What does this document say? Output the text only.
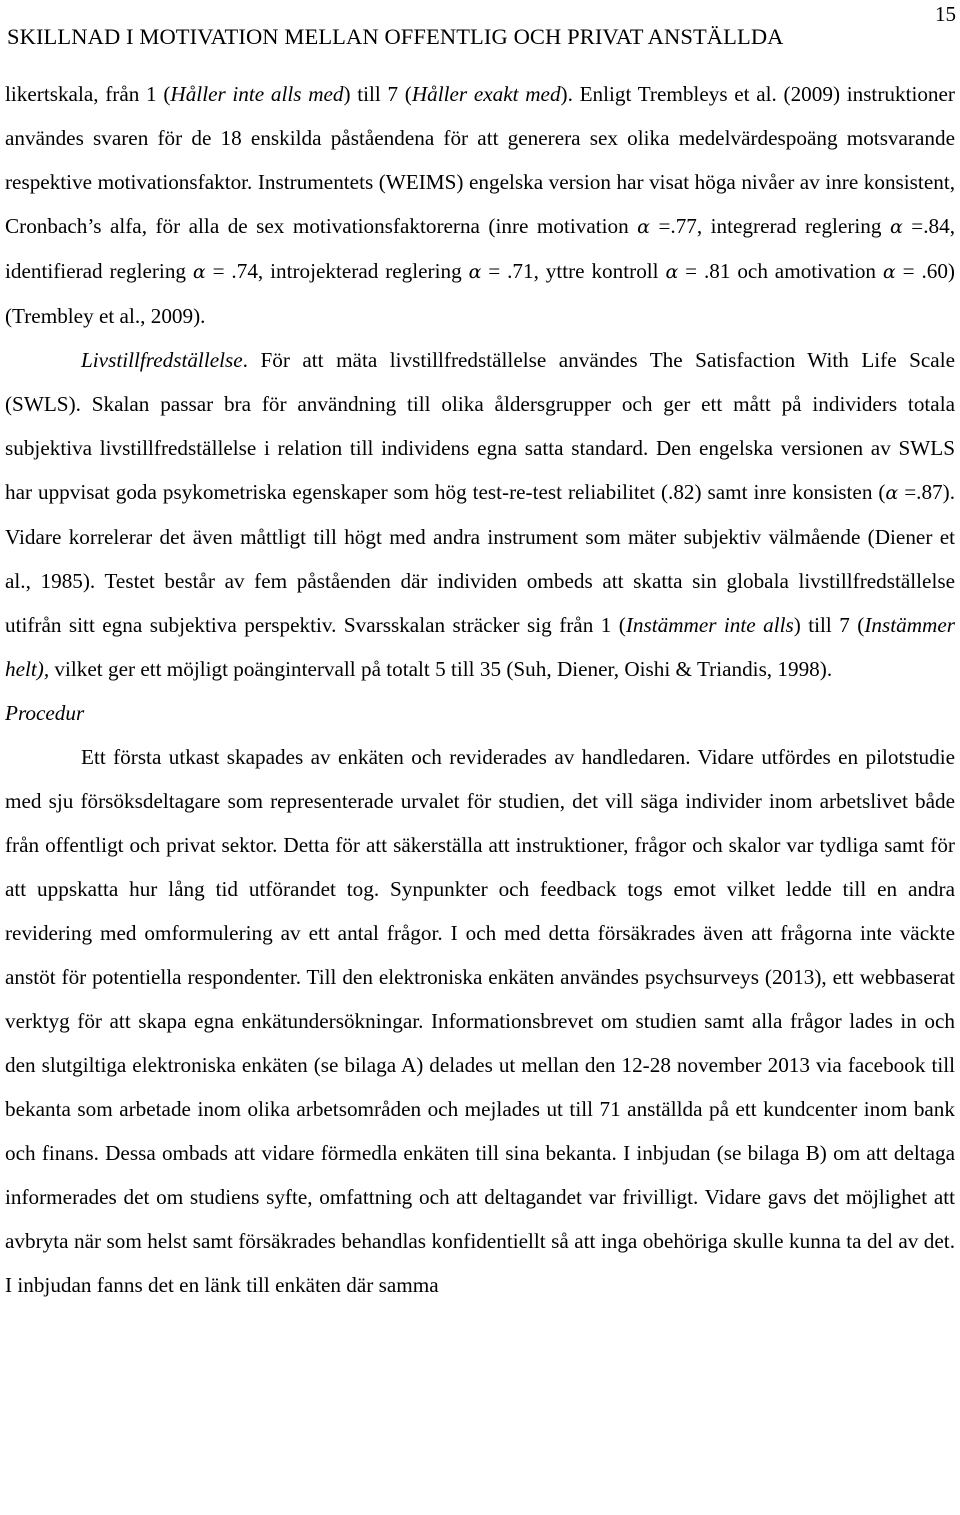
SKILLNAD I MOTIVATION MELLAN OFFENTLIG OCH PRIVAT ANSTÄLLDA
15

likertskala, från 1 (Håller inte alls med) till 7 (Håller exakt med). Enligt Trembleys et al. (2009) instruktioner användes svaren för de 18 enskilda påståendena för att generera sex olika medelvärdespoäng motsvarande respektive motivationsfaktor. Instrumentets (WEIMS) engelska version har visat höga nivåer av inre konsistent, Cronbach’s alfa, för alla de sex motivationsfaktorerna (inre motivation α =.77, integrerad reglering α =.84, identifierad reglering α = .74, introjekterad reglering α = .71, yttre kontroll α = .81 och amotivation α = .60) (Trembley et al., 2009).

Livstillfredställelse. För att mäta livstillfredställelse användes The Satisfaction With Life Scale (SWLS). Skalan passar bra för användning till olika åldersgrupper och ger ett mått på individers totala subjektiva livstillfredställelse i relation till individens egna satta standard. Den engelska versionen av SWLS har uppvisat goda psykometriska egenskaper som hög test-re-test reliabilitet (.82) samt inre konsisten (α =.87). Vidare korrelerar det även måttligt till högt med andra instrument som mäter subjektiv välmående (Diener et al., 1985). Testet består av fem påståenden där individen ombeds att skatta sin globala livstillfredställelse utifrån sitt egna subjektiva perspektiv. Svarsskalan sträcker sig från 1 (Instämmer inte alls) till 7 (Instämmer helt), vilket ger ett möjligt poängintervall på totalt 5 till 35 (Suh, Diener, Oishi & Triandis, 1998).

Procedur

Ett första utkast skapades av enkäten och reviderades av handledaren. Vidare utfördes en pilotstudie med sju försöksdeltagare som representerade urvalet för studien, det vill säga individer inom arbetslivet både från offentligt och privat sektor. Detta för att säkerställa att instruktioner, frågor och skalor var tydliga samt för att uppskatta hur lång tid utförandet tog. Synpunkter och feedback togs emot vilket ledde till en andra revidering med omformulering av ett antal frågor. I och med detta försäkrades även att frågorna inte väckte anstöt för potentiella respondenter. Till den elektroniska enkäten användes psychsurveys (2013), ett webbaserat verktyg för att skapa egna enkätundersökningar. Informationsbrevet om studien samt alla frågor lades in och den slutgiltiga elektroniska enkäten (se bilaga A) delades ut mellan den 12-28 november 2013 via facebook till bekanta som arbetade inom olika arbetsområden och mejlades ut till 71 anställda på ett kundcenter inom bank och finans. Dessa ombads att vidare förmedla enkäten till sina bekanta. I inbjudan (se bilaga B) om att deltaga informerades det om studiens syfte, omfattning och att deltagandet var frivilligt. Vidare gavs det möjlighet att avbryta när som helst samt försäkrades behandlas konfidentiellt så att inga obehöriga skulle kunna ta del av det. I inbjudan fanns det en länk till enkäten där samma
